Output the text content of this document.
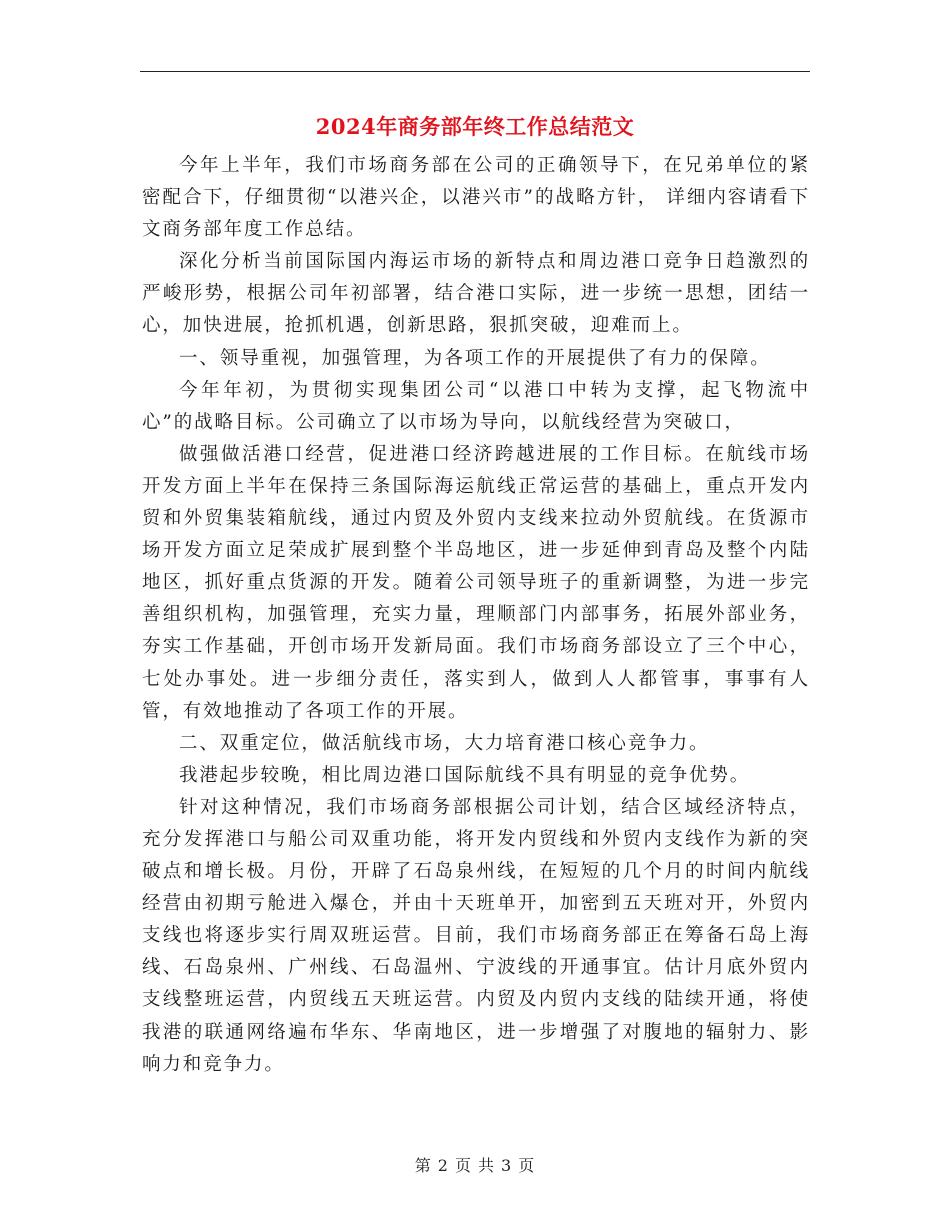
2024年商务部年终工作总结范文

今年上半年，我们市场商务部在公司的正确领导下，在兄弟单位的紧密配合下，仔细贯彻“以港兴企，以港兴市”的战略方针， 详细内容请看下文商务部年度工作总结。

深化分析当前国际国内海运市场的新特点和周边港口竞争日趋激烈的严峻形势，根据公司年初部署，结合港口实际，进一步统一思想，团结一心，加快进展，抢抓机遇，创新思路，狠抓突破，迎难而上。

一、领导重视，加强管理，为各项工作的开展提供了有力的保障。

今年年初，为贯彻实现集团公司“以港口中转为支撑，起飞物流中心”的战略目标。公司确立了以市场为导向，以航线经营为突破口，

做强做活港口经营，促进港口经济跨越进展的工作目标。在航线市场开发方面上半年在保持三条国际海运航线正常运营的基础上，重点开发内贸和外贸集装箱航线，通过内贸及外贸内支线来拉动外贸航线。在货源市场开发方面立足荣成扩展到整个半岛地区，进一步延伸到青岛及整个内陆地区，抓好重点货源的开发。随着公司领导班子的重新调整，为进一步完善组织机构，加强管理，充实力量，理顺部门内部事务，拓展外部业务，夯实工作基础，开创市场开发新局面。我们市场商务部设立了三个中心，七处办事处。进一步细分责任，落实到人，做到人人都管事，事事有人管，有效地推动了各项工作的开展。

二、双重定位，做活航线市场，大力培育港口核心竞争力。

我港起步较晚，相比周边港口国际航线不具有明显的竞争优势。

针对这种情况，我们市场商务部根据公司计划，结合区域经济特点，充分发挥港口与船公司双重功能，将开发内贸线和外贸内支线作为新的突破点和增长极。月份，开辟了石岛泉州线，在短短的几个月的时间内航线经营由初期亏舱进入爆仓，并由十天班单开，加密到五天班对开，外贸内支线也将逐步实行周双班运营。目前，我们市场商务部正在筹备石岛上海线、石岛泉州、广州线、石岛温州、宁波线的开通事宜。估计月底外贸内支线整班运营，内贸线五天班运营。内贸及内贸内支线的陆续开通，将使我港的联通网络遍布华东、华南地区，进一步增强了对腹地的辐射力、影响力和竞争力。

第 2 页 共 3 页
